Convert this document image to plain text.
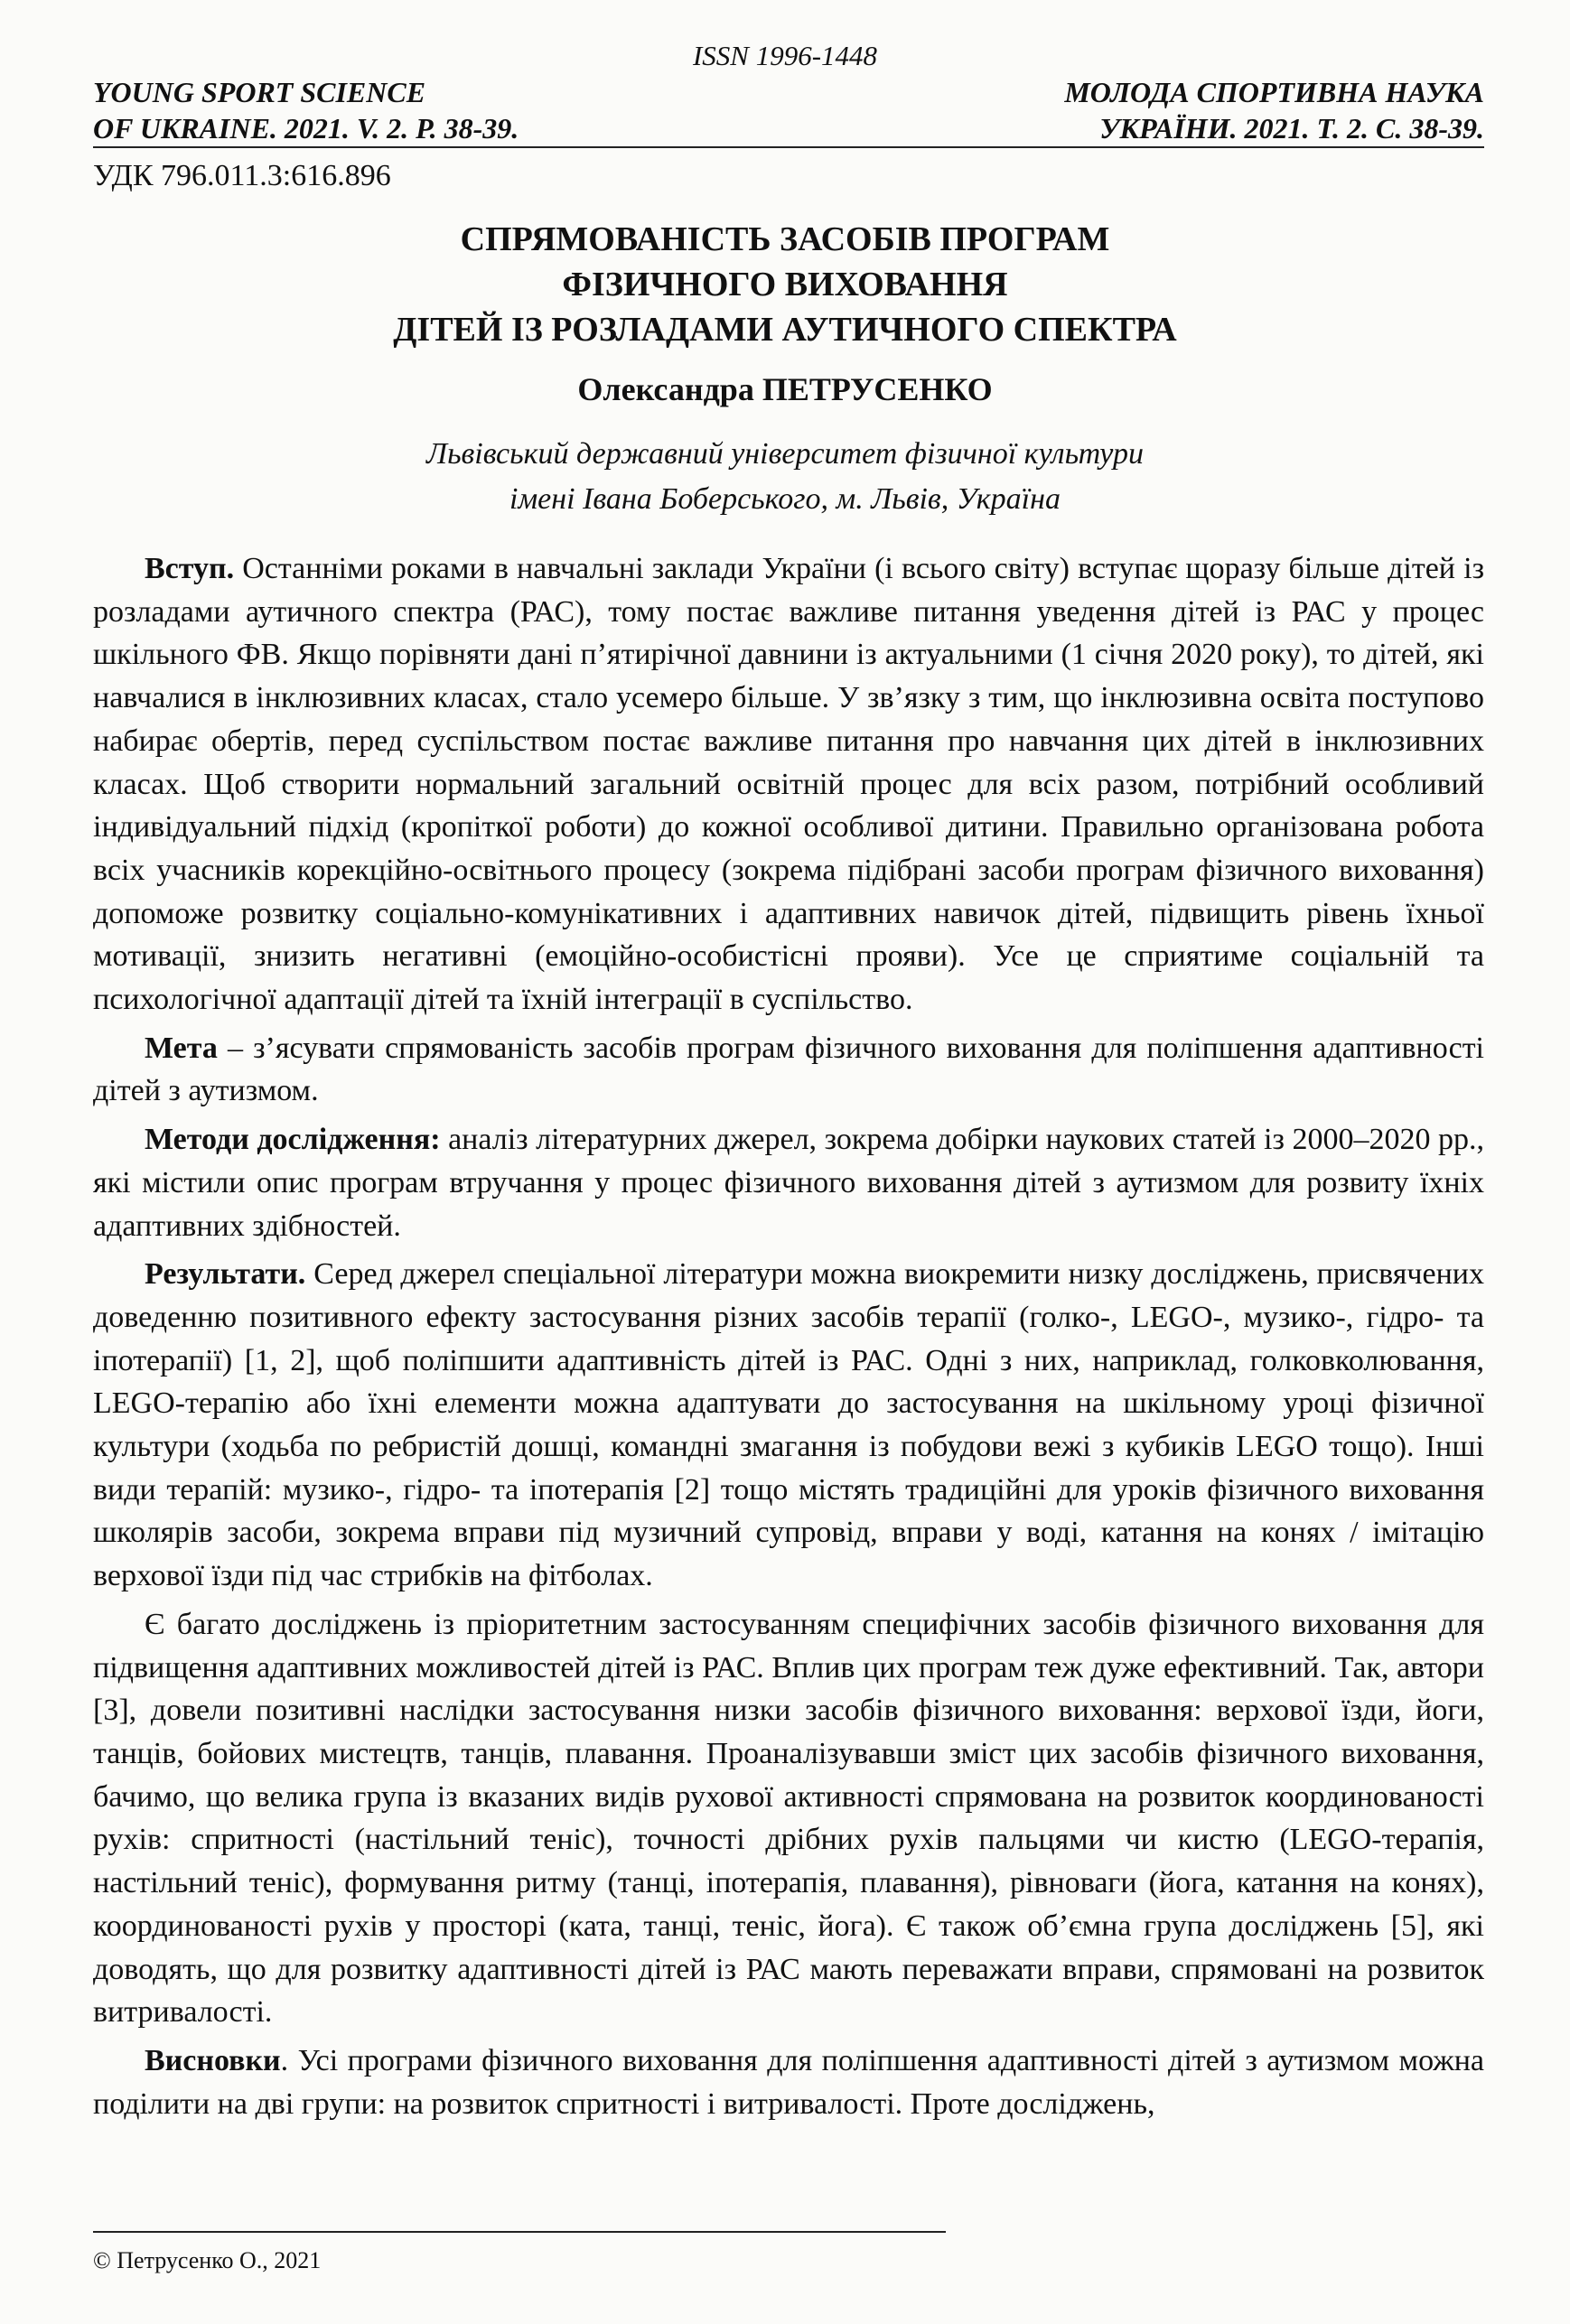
ISSN 1996-1448
YOUNG SPORT SCIENCE
OF UKRAINE. 2021. V. 2. P. 38-39.
МОЛОДА СПОРТИВНА НАУКА
УКРАЇНИ. 2021. Т. 2. С. 38-39.
УДК 796.011.3:616.896
СПРЯМОВАНІСТЬ ЗАСОБІВ ПРОГРАМ
ФІЗИЧНОГО ВИХОВАННЯ
ДІТЕЙ ІЗ РОЗЛАДАМИ АУТИЧНОГО СПЕКТРА
Олександра ПЕТРУСЕНКО
Львівський державний університет фізичної культури
імені Івана Боберського, м. Львів, Україна

Вступ. Останніми роками в навчальні заклади України (і всього світу) вступає щоразу більше дітей із розладами аутичного спектра (РАС), тому постає важливе питання уведення дітей із РАС у процес шкільного ФВ. Якщо порівняти дані п’ятирічної давнини із актуальними (1 січня 2020 року), то дітей, які навчалися в інклюзивних класах, стало усемеро більше. У зв’язку з тим, що інклюзивна освіта поступово набирає обертів, перед суспільством постає важливе питання про навчання цих дітей в інклюзивних класах. Щоб створити нормальний загальний освітній процес для всіх разом, потрібний особливий індивідуальний підхід (кропіткої роботи) до кожної особливої дитини. Правильно організована робота всіх учасників корекційно-освітнього процесу (зокрема підібрані засоби програм фізичного виховання) допоможе розвитку соціально-комунікативних і адаптивних навичок дітей, підвищить рівень їхньої мотивації, знизить негативні (емоційно-особистісні прояви). Усе це сприятиме соціальній та психологічної адаптації дітей та їхній інтеграції в суспільство.

Мета – з’ясувати спрямованість засобів програм фізичного виховання для поліпшення адаптивності дітей з аутизмом.

Методи дослідження: аналіз літературних джерел, зокрема добірки наукових статей із 2000–2020 рр., які містили опис програм втручання у процес фізичного виховання дітей з аутизмом для розвиту їхніх адаптивних здібностей.

Результати. Серед джерел спеціальної літератури можна виокремити низку досліджень, присвячених доведенню позитивного ефекту застосування різних засобів терапії (голко-, LEGO-, музико-, гідро- та іпотерапії) [1, 2], щоб поліпшити адаптивність дітей із РАС. Одні з них, наприклад, голковколювання, LEGO-терапію або їхні елементи можна адаптувати до застосування на шкільному уроці фізичної культури (ходьба по ребристій дошці, командні змагання із побудови вежі з кубиків LEGO тощо). Інші види терапій: музико-, гідро- та іпотерапія [2] тощо містять традиційні для уроків фізичного виховання школярів засоби, зокрема вправи під музичний супровід, вправи у воді, катання на конях / імітацію верхової їзди під час стрибків на фітболах.

Є багато досліджень із пріоритетним застосуванням специфічних засобів фізичного виховання для підвищення адаптивних можливостей дітей із РАС. Вплив цих програм теж дуже ефективний. Так, автори [3], довели позитивні наслідки застосування низки засобів фізичного виховання: верхової їзди, йоги, танців, бойових мистецтв, танців, плавання. Проаналізувавши зміст цих засобів фізичного виховання, бачимо, що велика група із вказаних видів рухової активності спрямована на розвиток координованості рухів: спритності (настільний теніс), точності дрібних рухів пальцями чи кистю (LEGO-терапія, настільний теніс), формування ритму (танці, іпотерапія, плавання), рівноваги (йога, катання на конях), координованості рухів у просторі (ката, танці, теніс, йога). Є також об’ємна група досліджень [5], які доводять, що для розвитку адаптивності дітей із РАС мають переважати вправи, спрямовані на розвиток витривалості.

Висновки. Усі програми фізичного виховання для поліпшення адаптивності дітей з аутизмом можна поділити на дві групи: на розвиток спритності і витривалості. Проте досліджень,

© Петрусенко О., 2021
